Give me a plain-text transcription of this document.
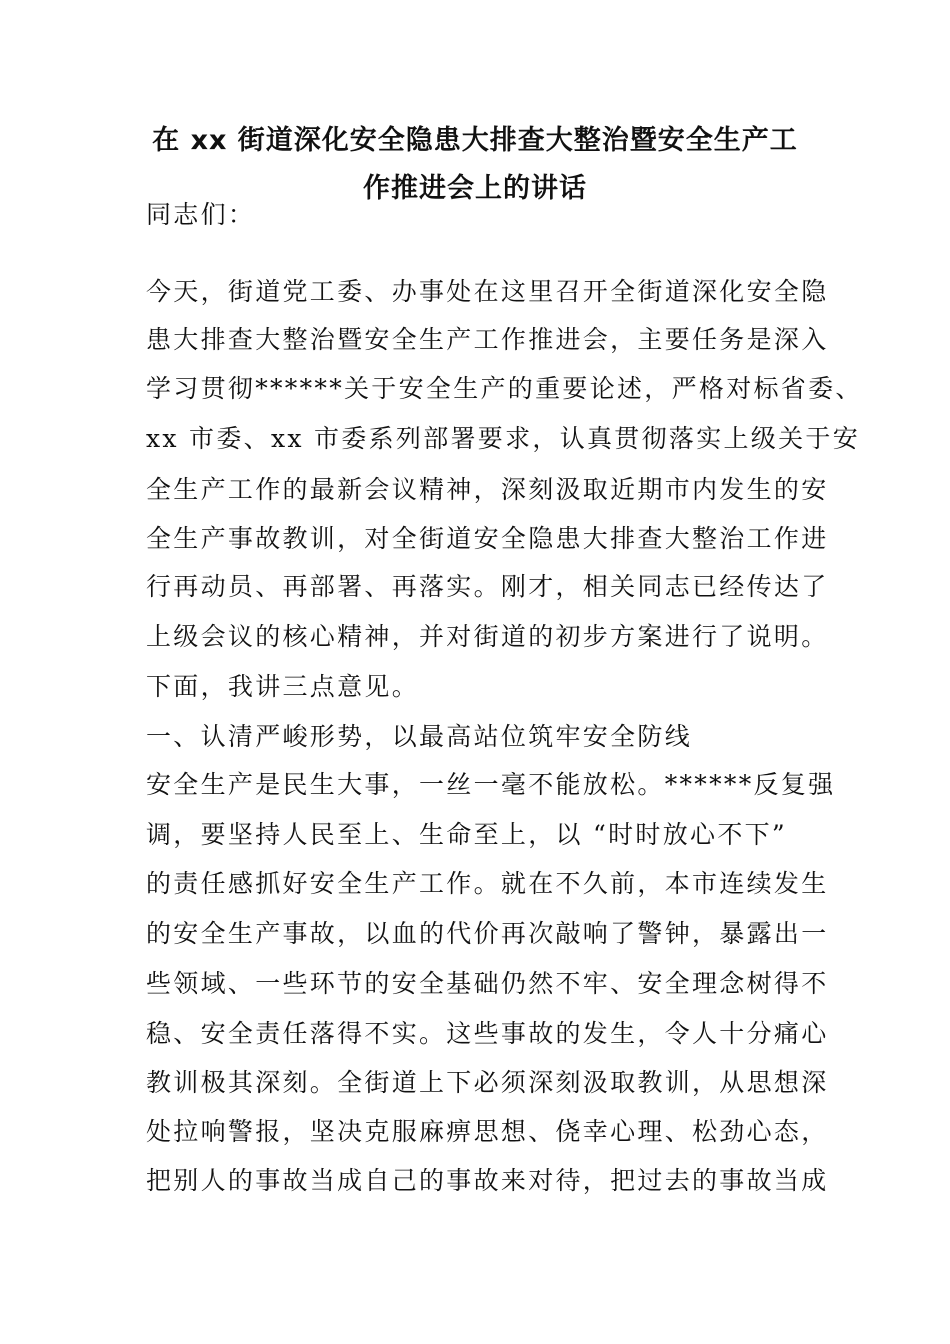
在 xx 街道深化安全隐患大排查大整治暨安全生产工
作推进会上的讲话
同志们：
今天，街道党工委、办事处在这里召开全街道深化安全隐
患大排查大整治暨安全生产工作推进会，主要任务是深入
学习贯彻******关于安全生产的重要论述，严格对标省委、
xx 市委、xx 市委系列部署要求，认真贯彻落实上级关于安
全生产工作的最新会议精神，深刻汲取近期市内发生的安
全生产事故教训，对全街道安全隐患大排查大整治工作进
行再动员、再部署、再落实。刚才，相关同志已经传达了
上级会议的核心精神，并对街道的初步方案进行了说明。
下面，我讲三点意见。
一、认清严峻形势，以最高站位筑牢安全防线
安全生产是民生大事，一丝一毫不能放松。******反复强
调，要坚持人民至上、生命至上，以 “时时放心不下”
的责任感抓好安全生产工作。就在不久前，本市连续发生
的安全生产事故，以血的代价再次敲响了警钟，暴露出一
些领域、一些环节的安全基础仍然不牢、安全理念树得不
稳、安全责任落得不实。这些事故的发生，令人十分痛心
教训极其深刻。全街道上下必须深刻汲取教训，从思想深
处拉响警报，坚决克服麻痹思想、侥幸心理、松劲心态，
把别人的事故当成自己的事故来对待，把过去的事故当成
